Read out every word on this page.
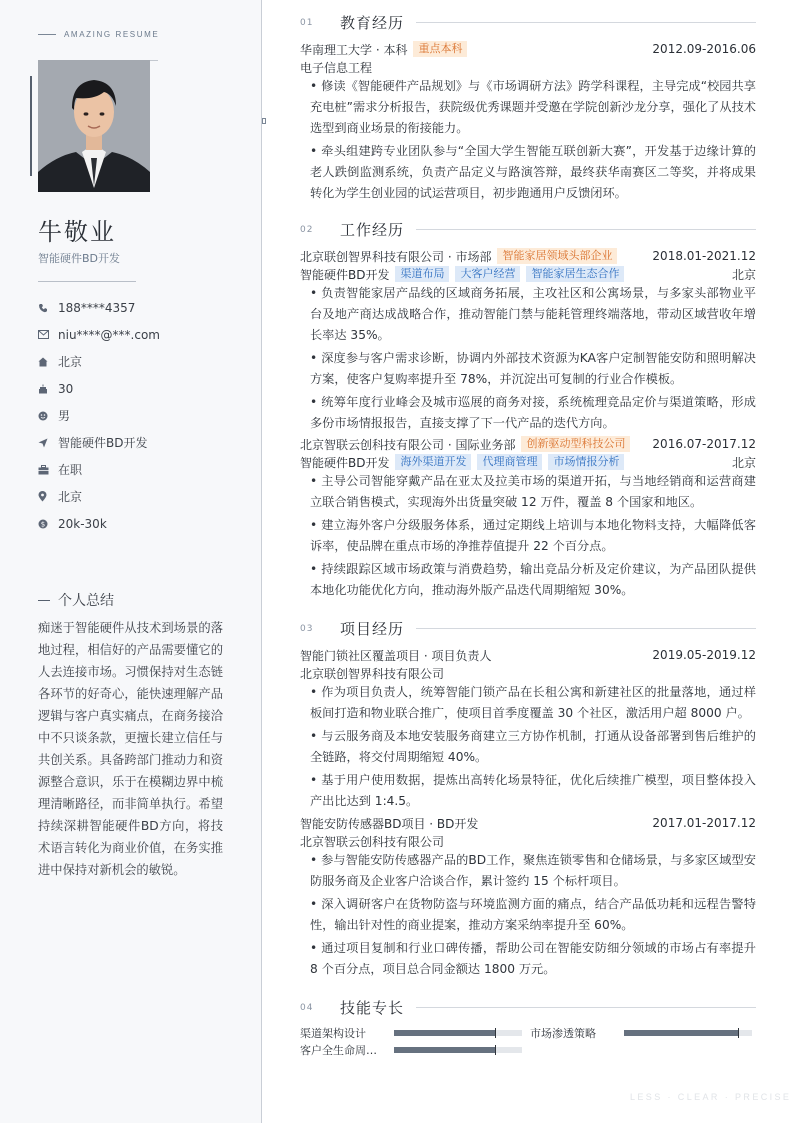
AMAZING RESUME
牛敬业
智能硬件BD开发
188****4357
niu****@***.com
北京
30
男
智能硬件BD开发
在职
北京
$ 20k-30k
个人总结
痴迷于智能硬件从技术到场景的落地过程，相信好的产品需要懂它的人去连接市场。习惯保持对生态链各环节的好奇心，能快速理解产品逻辑与客户真实痛点，在商务接洽中不只谈条款，更擅长建立信任与共创关系。具备跨部门推动力和资源整合意识，乐于在模糊边界中梳理清晰路径，而非简单执行。希望持续深耕智能硬件BD方向，将技术语言转化为商业价值，在务实推进中保持对新机会的敏锐。
01	教育经历
华南理工大学 · 本科	重点本科	2012.09-2016.06
电子信息工程
• 修读《智能硬件产品规划》与《市场调研方法》跨学科课程，主导完成“校园共享充电桩”需求分析报告，获院级优秀课题并受邀在学院创新沙龙分享，强化了从技术选型到商业场景的衔接能力。
• 牵头组建跨专业团队参与“全国大学生智能互联创新大赛”，开发基于边缘计算的老人跌倒监测系统，负责产品定义与路演答辩，最终获华南赛区二等奖，并将成果转化为学生创业园的试运营项目，初步跑通用户反馈闭环。
02	工作经历
北京联创智界科技有限公司 · 市场部	智能家居领域头部企业	2018.01-2021.12
智能硬件BD开发	渠道布局	大客户经营	智能家居生态合作	北京
• 负责智能家居产品线的区域商务拓展，主攻社区和公寓场景，与多家头部物业平台及地产商达成战略合作，推动智能门禁与能耗管理终端落地，带动区域营收年增长率达 35%。
• 深度参与客户需求诊断，协调内外部技术资源为KA客户定制智能安防和照明解决方案，使客户复购率提升至 78%，并沉淀出可复制的行业合作模板。
• 统筹年度行业峰会及城市巡展的商务对接，系统梳理竞品定价与渠道策略，形成多份市场情报报告，直接支撑了下一代产品的迭代方向。
北京智联云创科技有限公司 · 国际业务部	创新驱动型科技公司	2016.07-2017.12
智能硬件BD开发	海外渠道开发	代理商管理	市场情报分析	北京
• 主导公司智能穿戴产品在亚太及拉美市场的渠道开拓，与当地经销商和运营商建立联合销售模式，实现海外出货量突破 12 万件，覆盖 8 个国家和地区。
• 建立海外客户分级服务体系，通过定期线上培训与本地化物料支持，大幅降低客诉率，使品牌在重点市场的净推荐值提升 22 个百分点。
• 持续跟踪区域市场政策与消费趋势，输出竞品分析及定价建议，为产品团队提供本地化功能优化方向，推动海外版产品迭代周期缩短 30%。
03	项目经历
智能门锁社区覆盖项目 · 项目负责人	2019.05-2019.12
北京联创智界科技有限公司
• 作为项目负责人，统筹智能门锁产品在长租公寓和新建社区的批量落地，通过样板间打造和物业联合推广，使项目首季度覆盖 30 个社区，激活用户超 8000 户。
• 与云服务商及本地安装服务商建立三方协作机制，打通从设备部署到售后维护的全链路，将交付周期缩短 40%。
• 基于用户使用数据，提炼出高转化场景特征，优化后续推广模型，项目整体投入产出比达到 1:4.5。
智能安防传感器BD项目 · BD开发	2017.01-2017.12
北京智联云创科技有限公司
• 参与智能安防传感器产品的BD工作，聚焦连锁零售和仓储场景，与多家区域型安防服务商及企业客户洽谈合作，累计签约 15 个标杆项目。
• 深入调研客户在货物防盗与环境监测方面的痛点，结合产品低功耗和远程告警特性，输出针对性的商业提案，推动方案采纳率提升至 60%。
• 通过项目复制和行业口碑传播，帮助公司在智能安防细分领域的市场占有率提升 8 个百分点，项目总合同金额达 1800 万元。
04	技能专长
渠道架构设计	市场渗透策略
客户全生命周…
LESS · CLEAR · PRECISE
